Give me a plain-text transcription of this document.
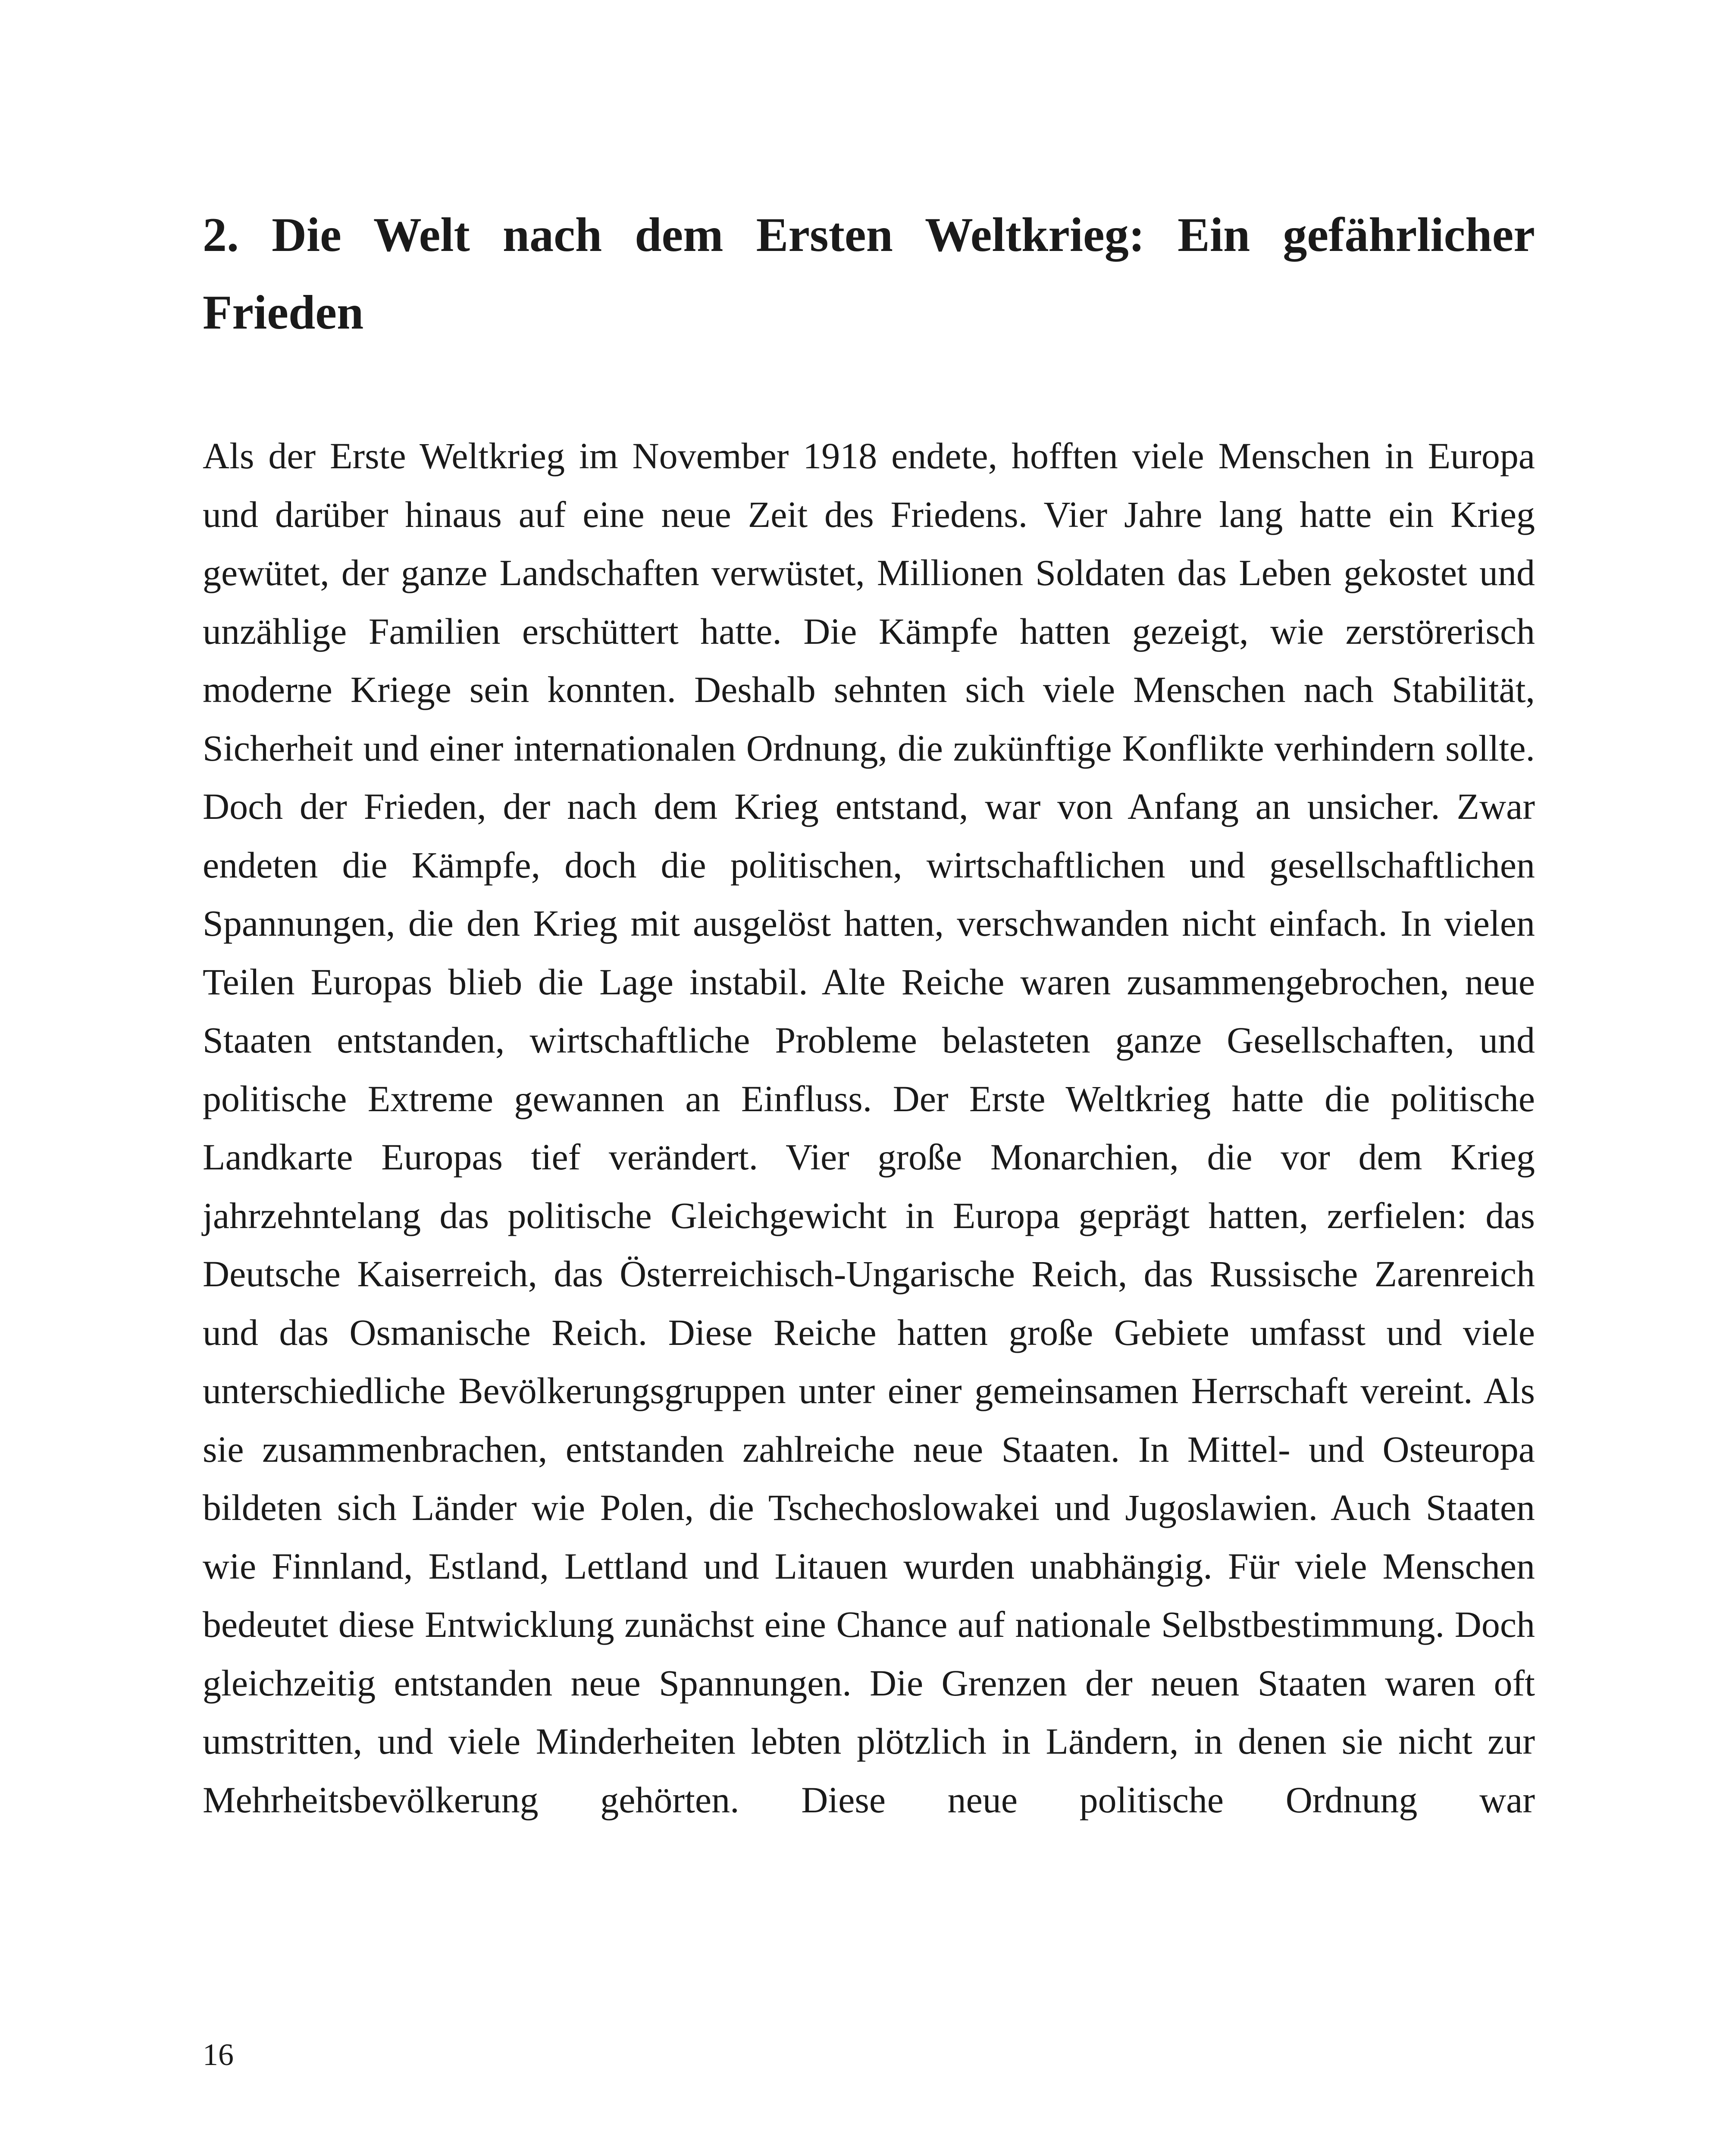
2. Die Welt nach dem Ersten Weltkrieg: Ein gefährlicher Frieden

Als der Erste Weltkrieg im November 1918 endete, hofften viele Menschen in Europa und darüber hinaus auf eine neue Zeit des Friedens. Vier Jahre lang hatte ein Krieg gewütet, der ganze Landschaften verwüstet, Millionen Soldaten das Leben gekostet und unzählige Familien erschüttert hatte. Die Kämpfe hatten gezeigt, wie zerstörerisch moderne Kriege sein konnten. Deshalb sehnten sich viele Menschen nach Stabilität, Sicherheit und einer internationalen Ordnung, die zukünftige Konflikte verhindern sollte. Doch der Frieden, der nach dem Krieg entstand, war von Anfang an unsicher. Zwar endeten die Kämpfe, doch die politischen, wirtschaftlichen und gesellschaftlichen Spannungen, die den Krieg mit ausgelöst hatten, verschwanden nicht einfach. In vielen Teilen Europas blieb die Lage instabil. Alte Reiche waren zusammengebrochen, neue Staaten entstanden, wirtschaftliche Probleme belasteten ganze Gesellschaften, und politische Extreme gewannen an Einfluss. Der Erste Weltkrieg hatte die politische Landkarte Europas tief verändert. Vier große Monarchien, die vor dem Krieg jahrzehntelang das politische Gleichgewicht in Europa geprägt hatten, zerfielen: das Deutsche Kaiserreich, das Österreichisch-Ungarische Reich, das Russische Zarenreich und das Osmanische Reich. Diese Reiche hatten große Gebiete umfasst und viele unterschiedliche Bevölkerungsgruppen unter einer gemeinsamen Herrschaft vereint. Als sie zusammenbrachen, entstanden zahlreiche neue Staaten. In Mittel- und Osteuropa bildeten sich Länder wie Polen, die Tschechoslowakei und Jugoslawien. Auch Staaten wie Finnland, Estland, Lettland und Litauen wurden unabhängig. Für viele Menschen bedeutet diese Entwicklung zunächst eine Chance auf nationale Selbstbestimmung. Doch gleichzeitig entstanden neue Spannungen. Die Grenzen der neuen Staaten waren oft umstritten, und viele Minderheiten lebten plötzlich in Ländern, in denen sie nicht zur Mehrheitsbevölkerung gehörten. Diese neue politische Ordnung war

16
